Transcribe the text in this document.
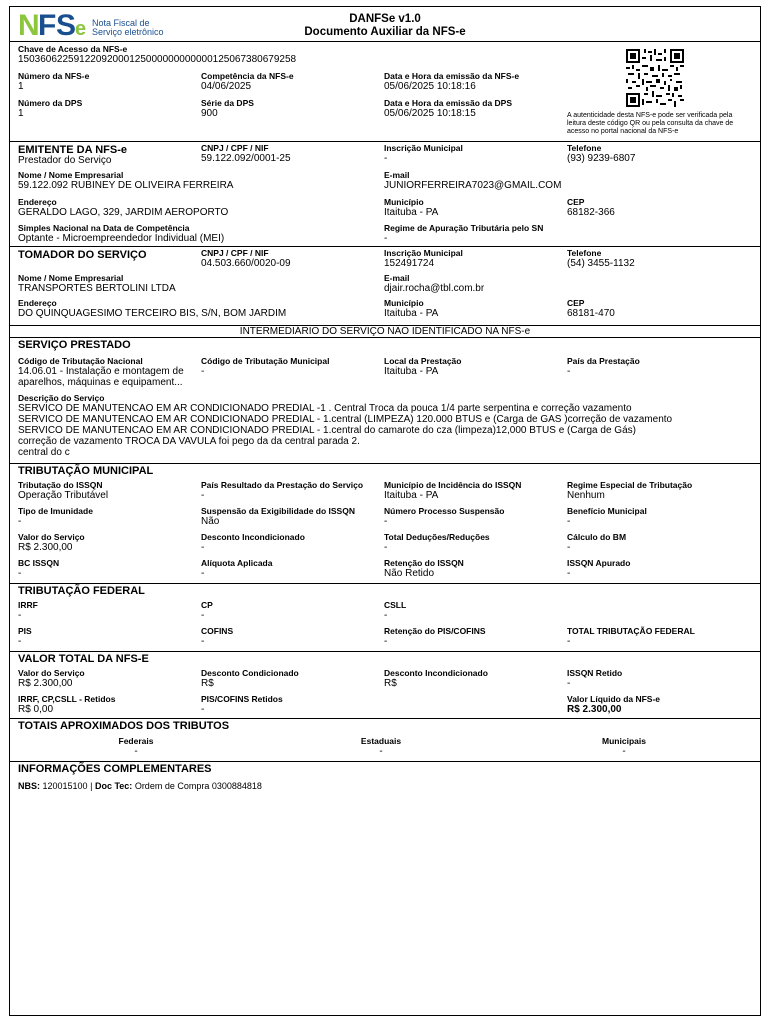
N F S e Nota Fiscal de
Serviço eletrônico
DANFSe v1.0
Documento Auxiliar da NFS-e
Chave de Acesso da NFS-e
15036062259122092000125000000000000125067380679258
Número da NFS-e
1
Competência da NFS-e
04/06/2025
Data e Hora da emissão da NFS-e
05/06/2025 10:18:16
Número da DPS
1
Série da DPS
900
Data e Hora da emissão da DPS
05/06/2025 10:18:15	A autenticidade desta NFS-e pode ser verificada pela leitura deste código QR ou pela consulta da chave de acesso no portal nacional da NFS-e
EMITENTE DA NFS-e
Prestador do Serviço
CNPJ / CPF / NIF
59.122.092/0001-25
Inscrição Municipal
-
Telefone
(93) 9239-6807
Nome / Nome Empresarial
59.122.092 RUBINEY DE OLIVEIRA FERREIRA
E-mail
JUNIORFERREIRA7023@GMAIL.COM
Endereço
GERALDO LAGO, 329, JARDIM AEROPORTO
Município
Itaituba - PA
CEP
68182-366
Simples Nacional na Data de Competência
Optante - Microempreendedor Individual (MEI)
Regime de Apuração Tributária pelo SN
-
TOMADOR DO SERVIÇO	CNPJ / CPF / NIF
04.503.660/0020-09
Inscrição Municipal
152491724
Telefone
(54) 3455-1132
Nome / Nome Empresarial
TRANSPORTES BERTOLINI LTDA
E-mail
djair.rocha@tbl.com.br
Endereço
DO QUINQUAGESIMO TERCEIRO BIS, S/N, BOM JARDIM
Município
Itaituba - PA
CEP
68181-470
INTERMEDIÁRIO DO SERVIÇO NÃO IDENTIFICADO NA NFS-e
SERVIÇO PRESTADO
Código de Tributação Nacional
14.06.01 - Instalação e montagem de
aparelhos, máquinas e equipament...
Código de Tributação Municipal
-
Local da Prestação
Itaituba - PA
País da Prestação
-
Descrição do Serviço
SERVICO DE MANUTENCAO EM AR CONDICIONADO PREDIAL -1 . Central Troca da pouca 1/4 parte serpentina e correção vazamento
SERVICO DE MANUTENCAO EM AR CONDICIONADO PREDIAL - 1.central (LIMPEZA) 120.000 BTUS e (Carga de GAS )correção de vazamento
SERVICO DE MANUTENCAO EM AR CONDICIONADO PREDIAL - 1.central do camarote do cza (limpeza)12,000 BTUS e (Carga de Gás)
correção de vazamento TROCA DA VAVULA foi pego da da central parada 2.
central do c
TRIBUTAÇÃO MUNICIPAL
Tributação do ISSQN
Operação Tributável
País Resultado da Prestação do Serviço
-
Município de Incidência do ISSQN
Itaituba - PA
Regime Especial de Tributação
Nenhum
Tipo de Imunidade
-
Suspensão da Exigibilidade do ISSQN
Não
Número Processo Suspensão
-
Benefício Municipal
-
Valor do Serviço
R$ 2.300,00
Desconto Incondicionado
-
Total Deduções/Reduções
-
Cálculo do BM
-
BC ISSQN
-
Alíquota Aplicada
-
Retenção do ISSQN
Não Retido
ISSQN Apurado
-
TRIBUTAÇÃO FEDERAL
IRRF
-
CP
-
CSLL
-
PIS
-
COFINS
-
Retenção do PIS/COFINS
-
TOTAL TRIBUTAÇÃO FEDERAL
-
VALOR TOTAL DA NFS-E
Valor do Serviço
R$ 2.300,00
Desconto Condicionado
R$
Desconto Incondicionado
R$
ISSQN Retido
-
IRRF, CP,CSLL - Retidos
R$ 0,00
PIS/COFINS Retidos
-
Valor Líquido da NFS-e
R$ 2.300,00
TOTAIS APROXIMADOS DOS TRIBUTOS
Federais
-
Estaduais
-
Municipais
-
INFORMAÇÕES COMPLEMENTARES
NBS: 120015100 | Doc Tec: Ordem de Compra 0300884818
